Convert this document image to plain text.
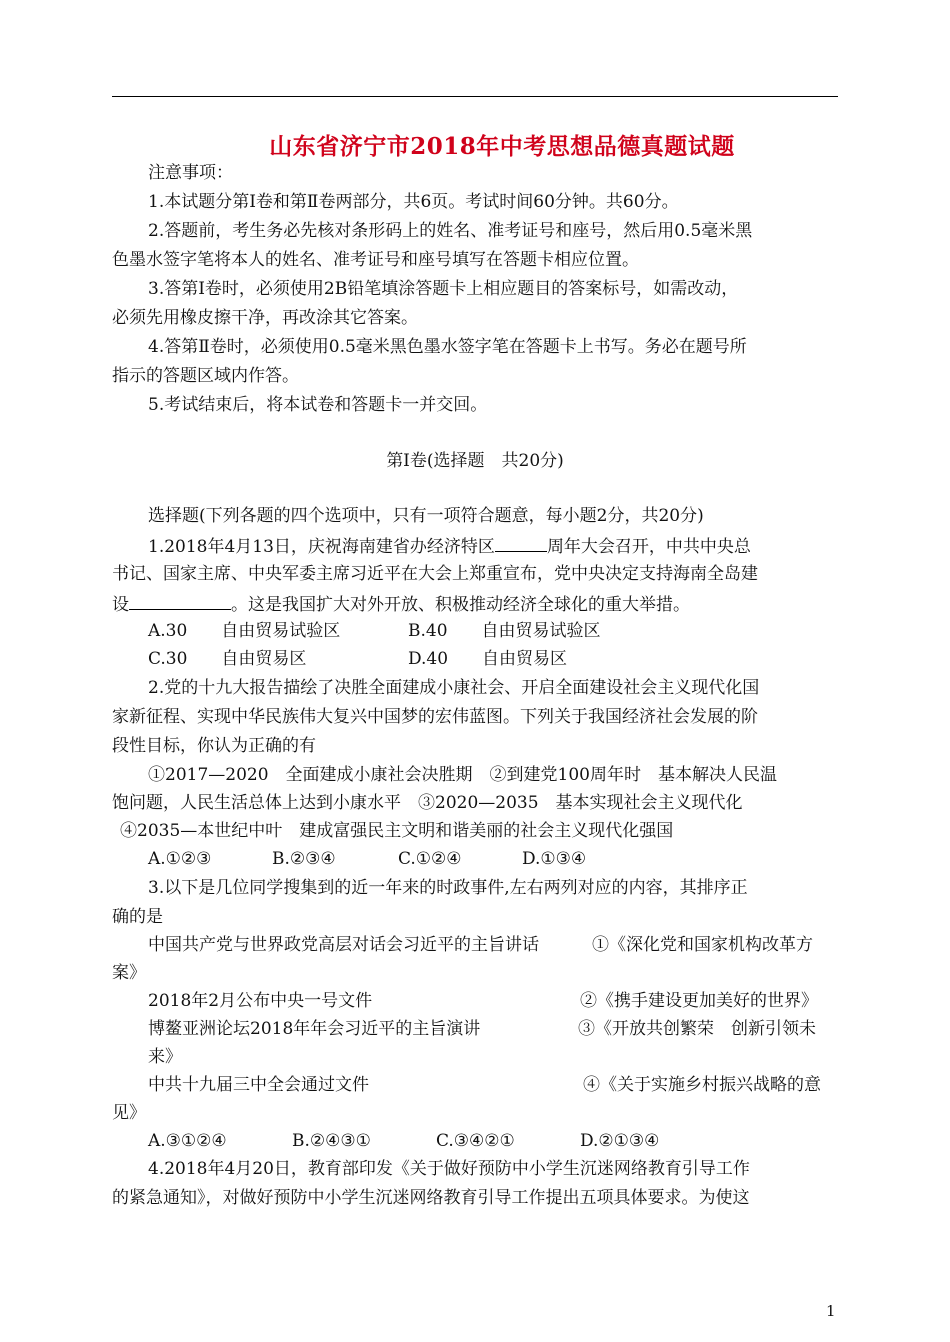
山东省济宁市2018年中考思想品德真题试题
注意事项：
1.本试题分第Ⅰ卷和第Ⅱ卷两部分，共6页。考试时间60分钟。共60分。
2.答题前，考生务必先核对条形码上的姓名、准考证号和座号，然后用0.5毫米黑
色墨水签字笔将本人的姓名、准考证号和座号填写在答题卡相应位置。
3.答第Ⅰ卷时，必须使用2B铅笔填涂答题卡上相应题目的答案标号，如需改动，
必须先用橡皮擦干净，再改涂其它答案。
4.答第Ⅱ卷时，必须使用0.5毫米黑色墨水签字笔在答题卡上书写。务必在题号所
指示的答题区域内作答。
5.考试结束后，将本试卷和答题卡一并交回。
第Ⅰ卷(选择题　共20分)
选择题(下列各题的四个选项中，只有一项符合题意，每小题2分，共20分)
1.2018年4月13日，庆祝海南建省办经济特区	周年大会召开，中共中央总
书记、国家主席、中央军委主席习近平在大会上郑重宣布，党中央决定支持海南全岛建
设	。这是我国扩大对外开放、积极推动经济全球化的重大举措。
A.30　　自由贸易试验区	B.40　　自由贸易试验区
C.30　　自由贸易区	D.40　　自由贸易区
2.党的十九大报告描绘了决胜全面建成小康社会、开启全面建设社会主义现代化国
家新征程、实现中华民族伟大复兴中国梦的宏伟蓝图。下列关于我国经济社会发展的阶
段性目标，你认为正确的有
①2017—2020　全面建成小康社会决胜期　②到建党100周年时　基本解决人民温
饱问题，人民生活总体上达到小康水平　③2020—2035　基本实现社会主义现代化
④2035—本世纪中叶　建成富强民主文明和谐美丽的社会主义现代化强国
A.①②③	B.②③④	C.①②④	D.①③④
3.以下是几位同学搜集到的近一年来的时政事件,左右两列对应的内容，其排序正
确的是
中国共产党与世界政党高层对话会习近平的主旨讲话	①《深化党和国家机构改革方
案》
2018年2月公布中央一号文件	②《携手建设更加美好的世界》
博鳌亚洲论坛2018年年会习近平的主旨演讲	③《开放共创繁荣　创新引领未
来》
中共十九届三中全会通过文件	④《关于实施乡村振兴战略的意
见》
A.③①②④	B.②④③①	C.③④②①	D.②①③④
4.2018年4月20日，教育部印发《关于做好预防中小学生沉迷网络教育引导工作
的紧急通知》，对做好预防中小学生沉迷网络教育引导工作提出五项具体要求。为使这
1
